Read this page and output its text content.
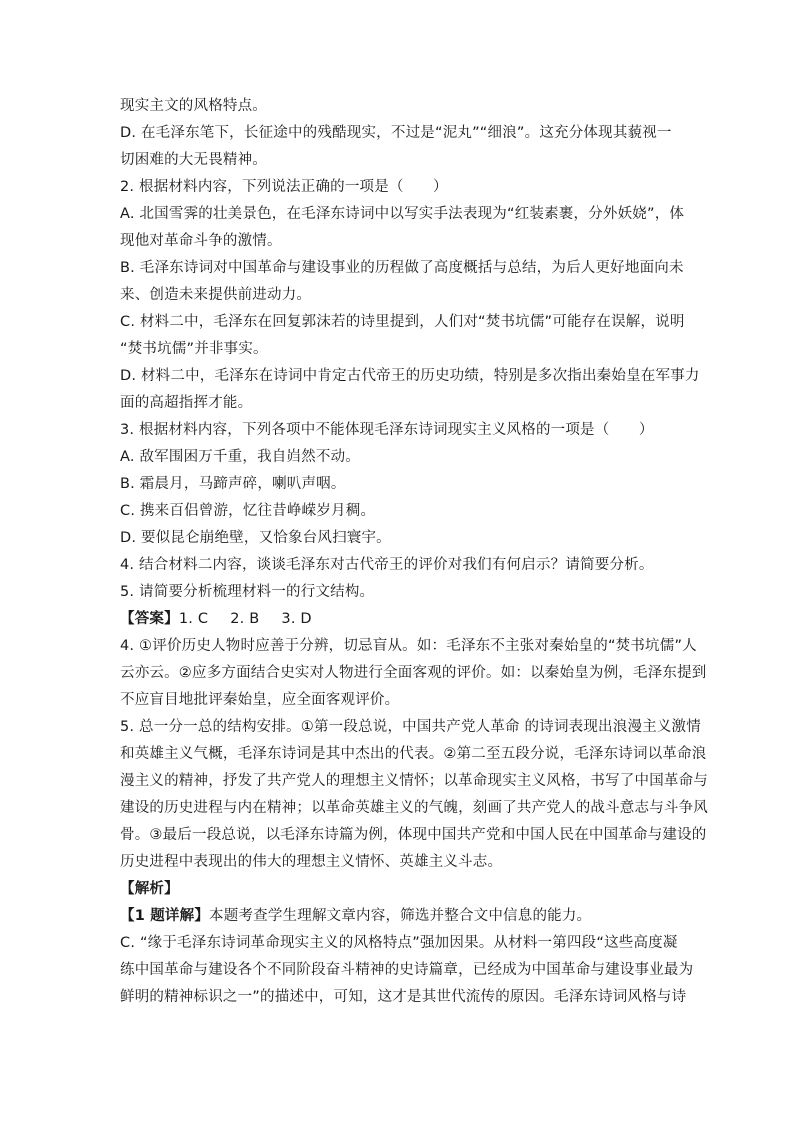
现实主文的风格特点。
D. 在毛泽东笔下，长征途中的残酷现实，不过是“泥丸”“细浪”。这充分体现其藐视一
切困难的大无畏精神。
2. 根据材料内容，下列说法正确的一项是（　　）
A. 北国雪霁的壮美景色，在毛泽东诗词中以写实手法表现为“红装素裹，分外妖娆”，体
现他对革命斗争的激情。
B. 毛泽东诗词对中国革命与建设事业的历程做了高度概括与总结，为后人更好地面向未
来、创造未来提供前进动力。
C. 材料二中，毛泽东在回复郭沫若的诗里提到，人们对“焚书坑儒”可能存在误解，说明
“焚书坑儒”并非事实。
D. 材料二中，毛泽东在诗词中肯定古代帝王的历史功绩，特别是多次指出秦始皇在军事力
面的高超指挥才能。
3. 根据材料内容，下列各项中不能体现毛泽东诗词现实主义风格的一项是（　　）
A. 敌军围困万千重，我自岿然不动。
B. 霜晨月，马蹄声碎，喇叭声咽。
C. 携来百侣曾游，忆往昔峥嵘岁月稠。
D. 要似昆仑崩绝壁，又恰象台风扫寰宇。
4. 结合材料二内容，谈谈毛泽东对古代帝王的评价对我们有何启示？请简要分析。
5. 请简要分析梳理材料一的行文结构。
【答案】1. C 2. B 3. D
4. ①评价历史人物时应善于分辨，切忌盲从。如：毛泽东不主张对秦始皇的“焚书坑儒”人
云亦云。②应多方面结合史实对人物进行全面客观的评价。如：以秦始皇为例，毛泽东提到
不应盲目地批评秦始皇，应全面客观评价。
5. 总一分一总的结构安排。①第一段总说，中国共产党人革命 的诗词表现出浪漫主义激情
和英雄主义气概，毛泽东诗词是其中杰出的代表。②第二至五段分说，毛泽东诗词以革命浪
漫主义的精神，抒发了共产党人的理想主义情怀；以革命现实主义风格，书写了中国革命与
建设的历史进程与内在精神；以革命英雄主义的气魄，刻画了共产党人的战斗意志与斗争风
骨。③最后一段总说，以毛泽东诗篇为例，体现中国共产党和中国人民在中国革命与建设的
历史进程中表现出的伟大的理想主义情怀、英雄主义斗志。
【解析】
【1 题详解】本题考查学生理解文章内容，筛选并整合文中信息的能力。
C. “缘于毛泽东诗词革命现实主义的风格特点”强加因果。从材料一第四段“这些高度凝
练中国革命与建设各个不同阶段奋斗精神的史诗篇章，已经成为中国革命与建设事业最为
鲜明的精神标识之一”的描述中，可知，这才是其世代流传的原因。毛泽东诗词风格与诗
